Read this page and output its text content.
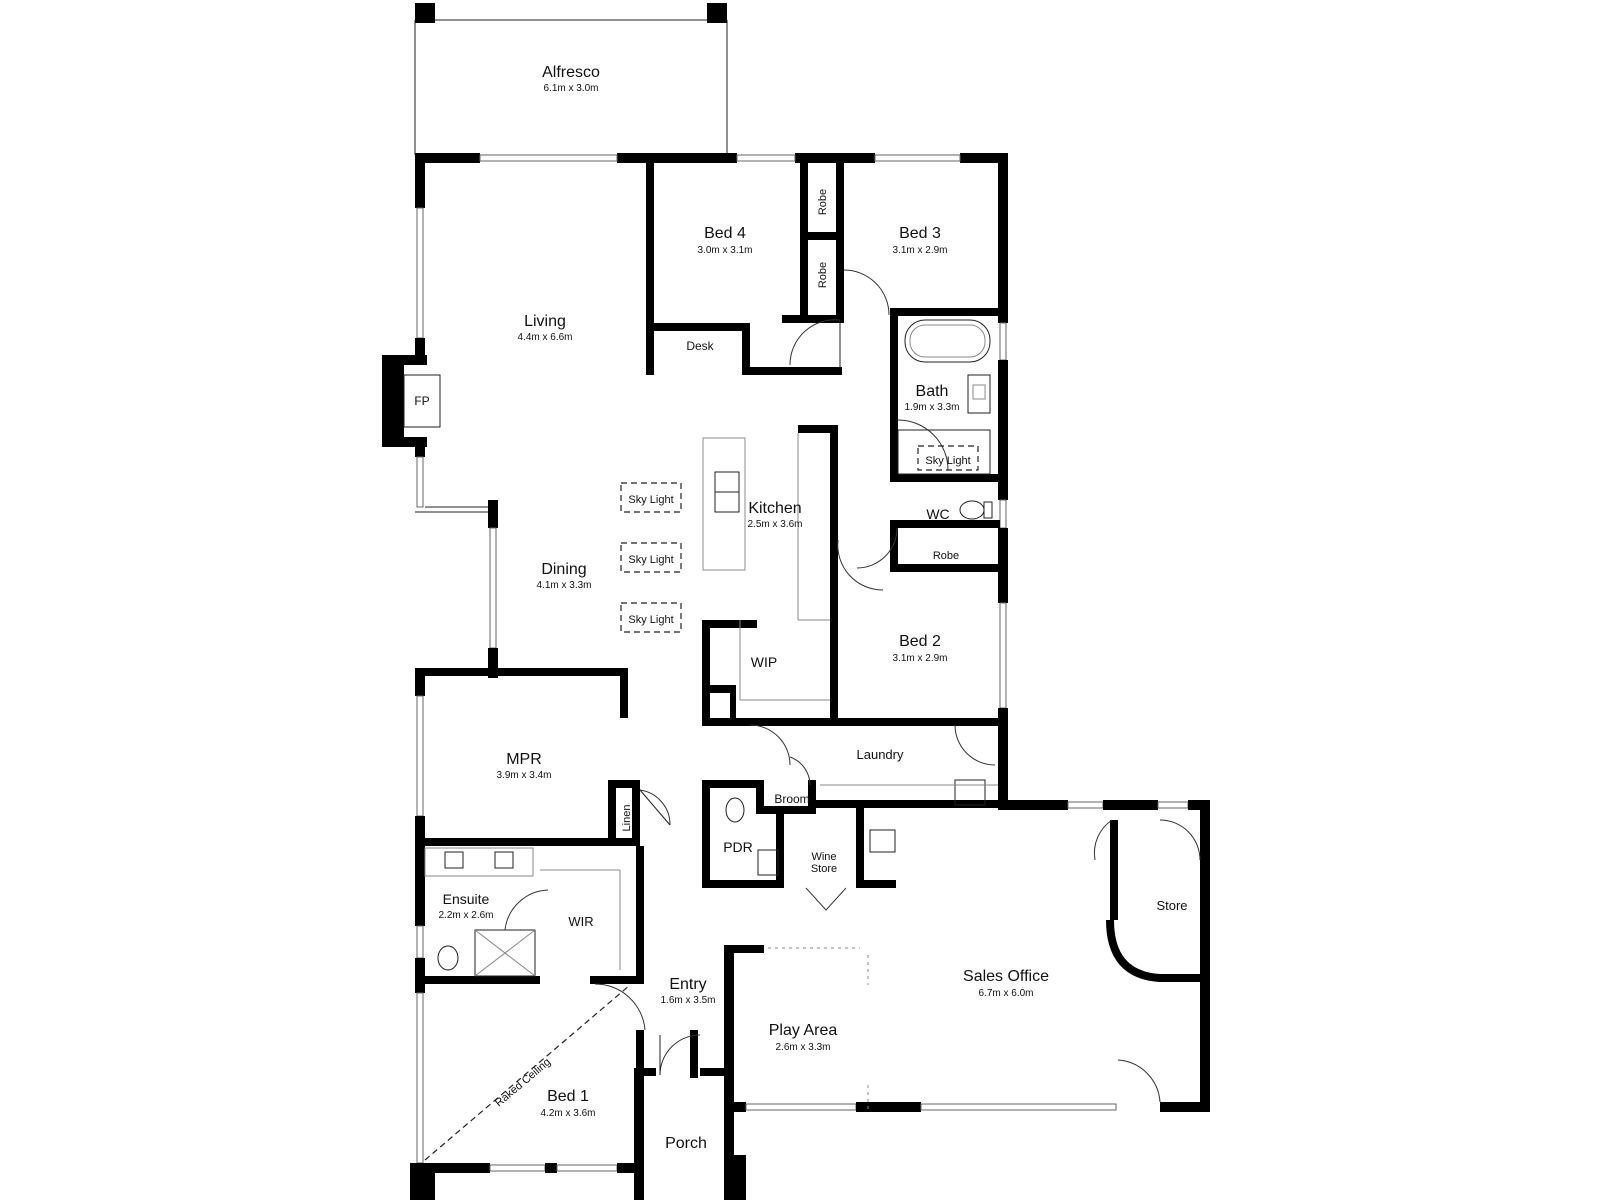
Sky Light
Sky Light
Sky Light
Sky Light
Alfresco
6.1m x 3.0m
Living
4.4m x 6.6m
Bed 4
3.0m x 3.1m
Bed 3
3.1m x 2.9m
Bath
1.9m x 3.3m
Kitchen
2.5m x 3.6m
Dining
4.1m x 3.3m
Bed 2
3.1m x 2.9m
MPR
3.9m x 3.4m
Ensuite
2.2m x 2.6m
Entry
1.6m x 3.5m
Sales Office
6.7m x 6.0m
Play Area
2.6m x 3.3m
Bed 1
4.2m x 3.6m
Robe
Robe
Robe
Desk
FP
WC
WIP
Laundry
Broom
Linen
PDR
Wine
Store
Store
WIR
Porch
Raked Ceiling
